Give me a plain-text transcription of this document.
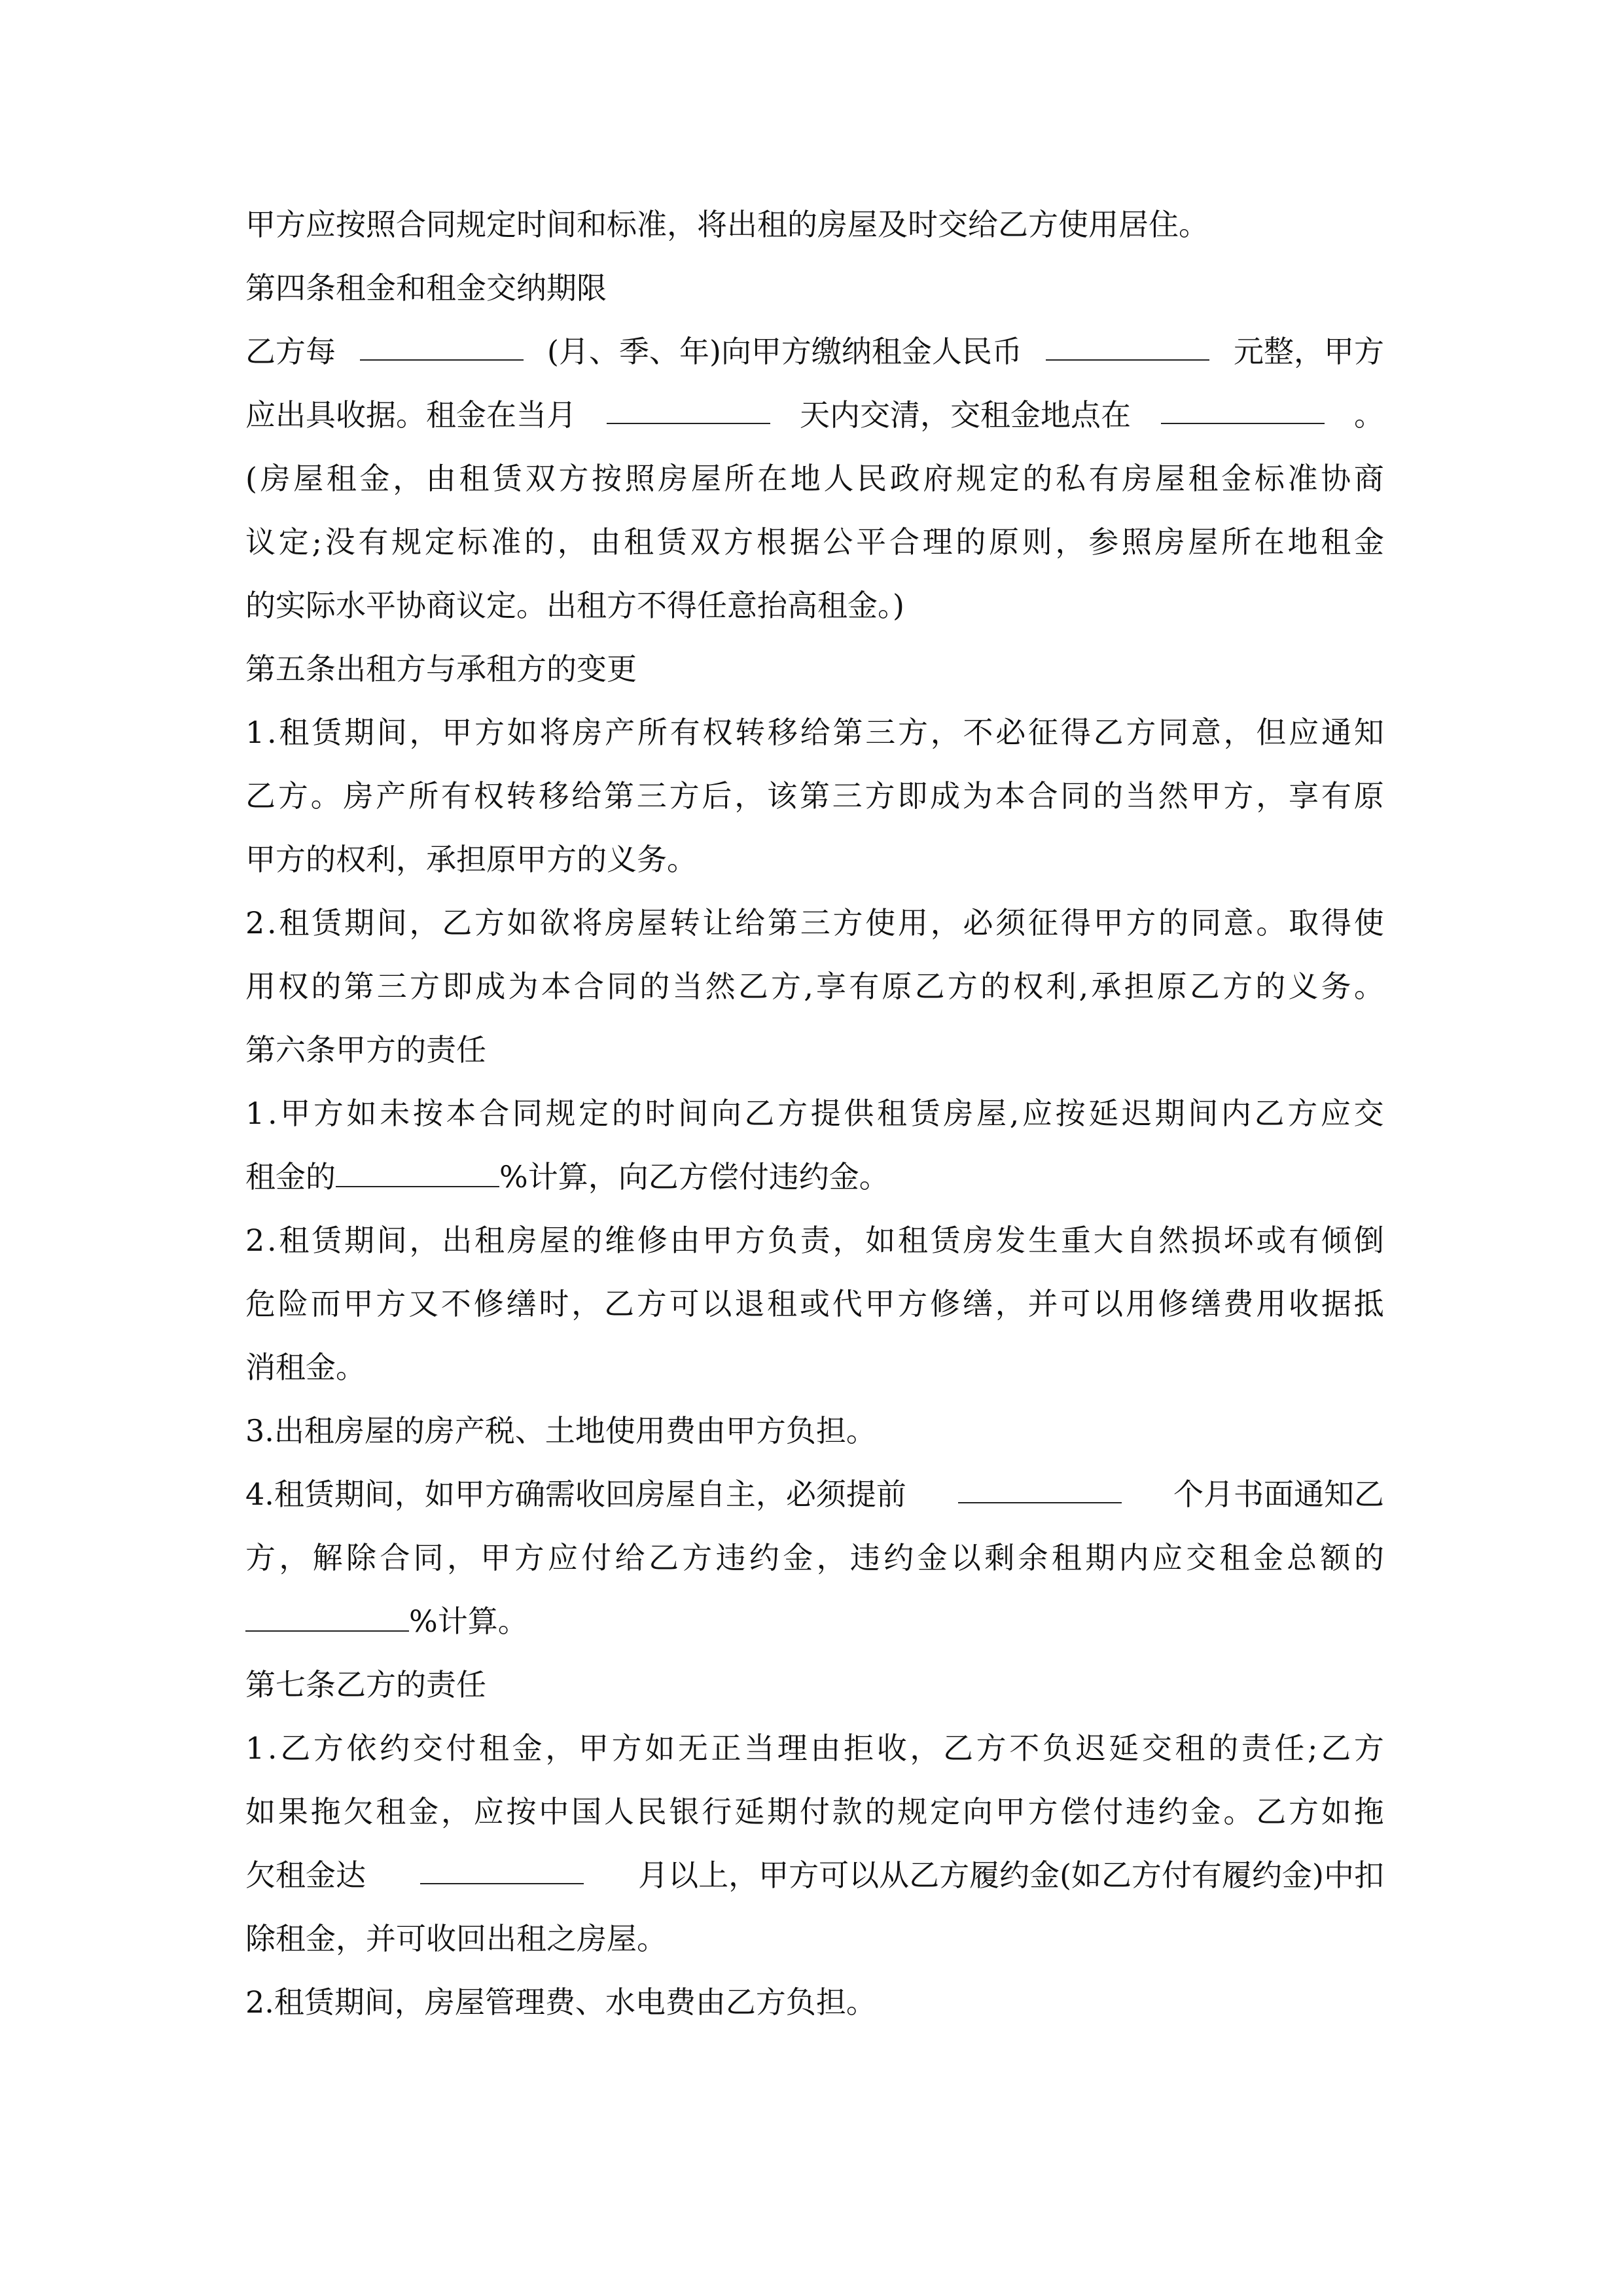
甲方应按照合同规定时间和标准，将出租的房屋及时交给乙方使用居住。
第四条租金和租金交纳期限
乙方每	(月、季、年)向甲方缴纳租金人民币	元整，甲方
应出具收据。租金在当月	天内交清，交租金地点在	。
( 房 屋 租 金 ， 由 租 赁 双 方 按 照 房 屋 所 在 地 人 民 政 府 规 定 的 私 有 房 屋 租 金 标 准 协 商
议 定 ; 没 有 规 定 标 准 的 ， 由 租 赁 双 方 根 据 公 平 合 理 的 原 则 ， 参 照 房 屋 所 在 地 租 金
的实际水平协商议定。出租方不得任意抬高租金。)
第五条出租方与承租方的变更
1 . 租 赁 期 间 ， 甲 方 如 将 房 产 所 有 权 转 移 给 第 三 方 ， 不 必 征 得 乙 方 同 意 ， 但 应 通 知
乙 方 。 房 产 所 有 权 转 移 给 第 三 方 后 ， 该 第 三 方 即 成 为 本 合 同 的 当 然 甲 方 ， 享 有 原
甲方的权利，承担原甲方的义务。
2 . 租 赁 期 间 ， 乙 方 如 欲 将 房 屋 转 让 给 第 三 方 使 用 ， 必 须 征 得 甲 方 的 同 意 。 取 得 使
用 权 的 第 三 方 即 成 为 本 合 同 的 当 然 乙 方 , 享 有 原 乙 方 的 权 利 , 承 担 原 乙 方 的 义 务 。
第六条甲方的责任
1 . 甲 方 如 未 按 本 合 同 规 定 的 时 间 向 乙 方 提 供 租 赁 房 屋 , 应 按 延 迟 期 间 内 乙 方 应 交
租金的	%计算，向乙方偿付违约金。
2 . 租 赁 期 间 ， 出 租 房 屋 的 维 修 由 甲 方 负 责 ， 如 租 赁 房 发 生 重 大 自 然 损 坏 或 有 倾 倒
危 险 而 甲 方 又 不 修 缮 时 ， 乙 方 可 以 退 租 或 代 甲 方 修 缮 ， 并 可 以 用 修 缮 费 用 收 据 抵
消租金。
3.出租房屋的房产税、土地使用费由甲方负担。
4.租赁期间，如甲方确需收回房屋自主，必须提前	个月书面通知乙
方 ， 解 除 合 同 ， 甲 方 应 付 给 乙 方 违 约 金 ， 违 约 金 以 剩 余 租 期 内 应 交 租 金 总 额 的
%计算。
第七条乙方的责任
1 . 乙 方 依 约 交 付 租 金 ， 甲 方 如 无 正 当 理 由 拒 收 ， 乙 方 不 负 迟 延 交 租 的 责 任 ; 乙 方
如 果 拖 欠 租 金 ， 应 按 中 国 人 民 银 行 延 期 付 款 的 规 定 向 甲 方 偿 付 违 约 金 。 乙 方 如 拖
欠租金达	月以上，甲方可以从乙方履约金(如乙方付有履约金)中扣
除租金，并可收回出租之房屋。
2.租赁期间，房屋管理费、水电费由乙方负担。
